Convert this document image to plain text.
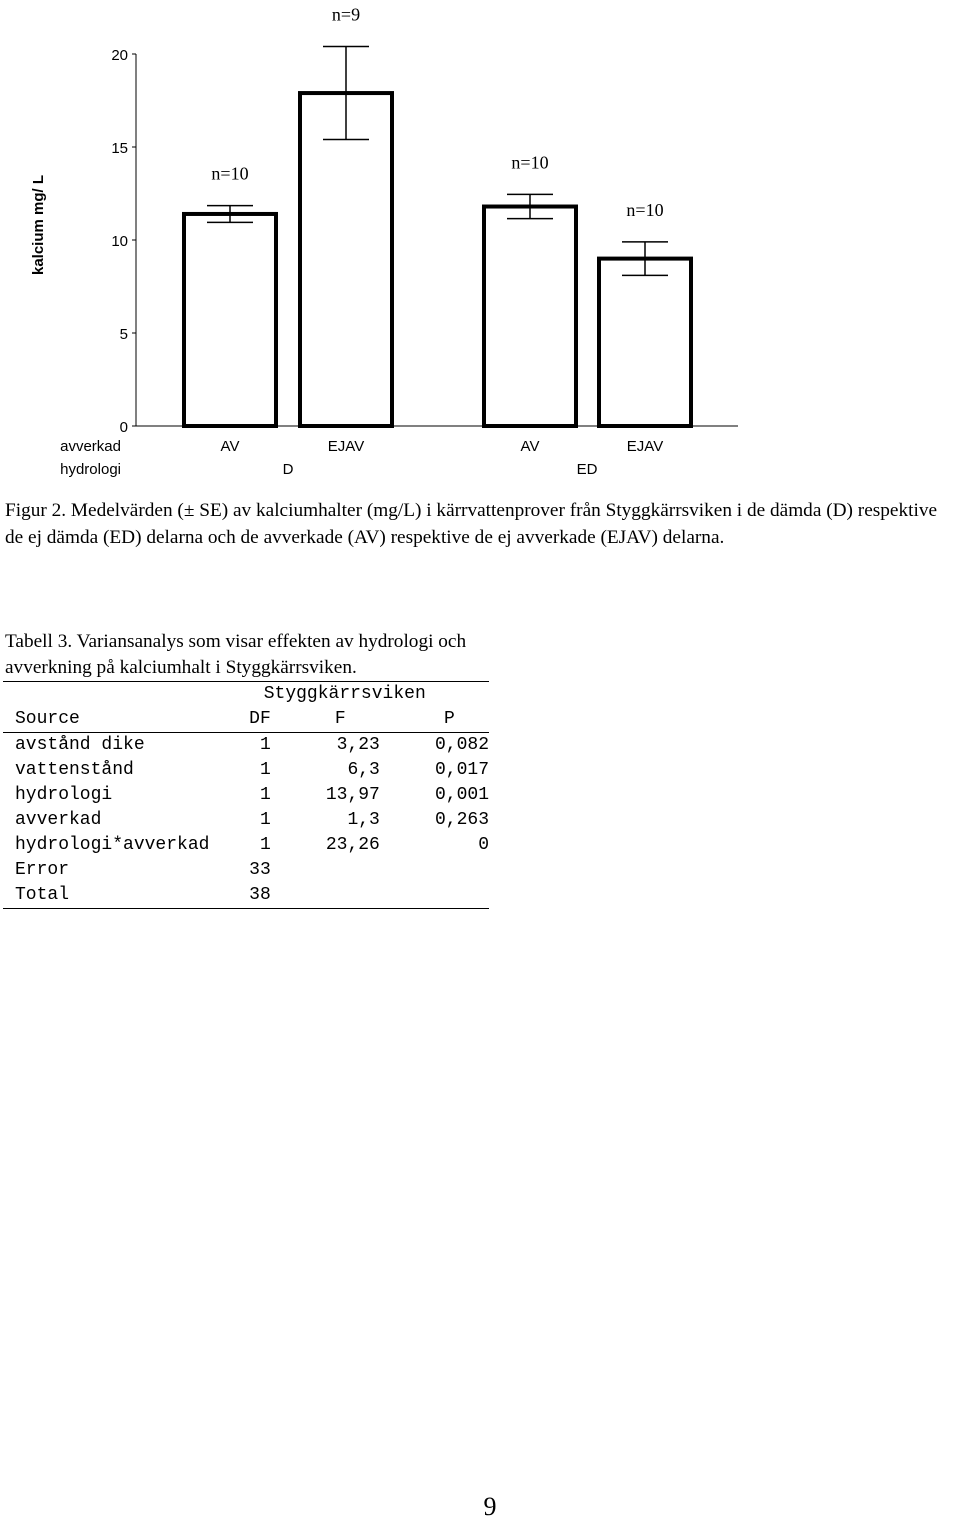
0
5
10
15
20
kalcium mg/ L
n=10
n=9
n=10
n=10
avverkad	AV	EJAV	AV	EJAV
hydrologi	D	ED
Figur 2. Medelvärden (± SE) av kalciumhalter (mg/L) i kärrvattenprover från Styggkärrsviken i de dämda (D) respektive de ej dämda (ED) delarna och de avverkade (AV) respektive de ej avverkade (EJAV) delarna.
Tabell 3. Variansanalys som visar effekten av hydrologi och avverkning på kalciumhalt i Styggkärrsviken.
	Styggkärrsviken		
Source	DF	F	P
avstånd dike	1	3,23	0,082
vattenstånd	1	6,3	0,017
hydrologi	1	13,97	0,001
avverkad	1	1,3	0,263
hydrologi*avverkad	1	23,26	0
Error	33		
Total	38		
9
